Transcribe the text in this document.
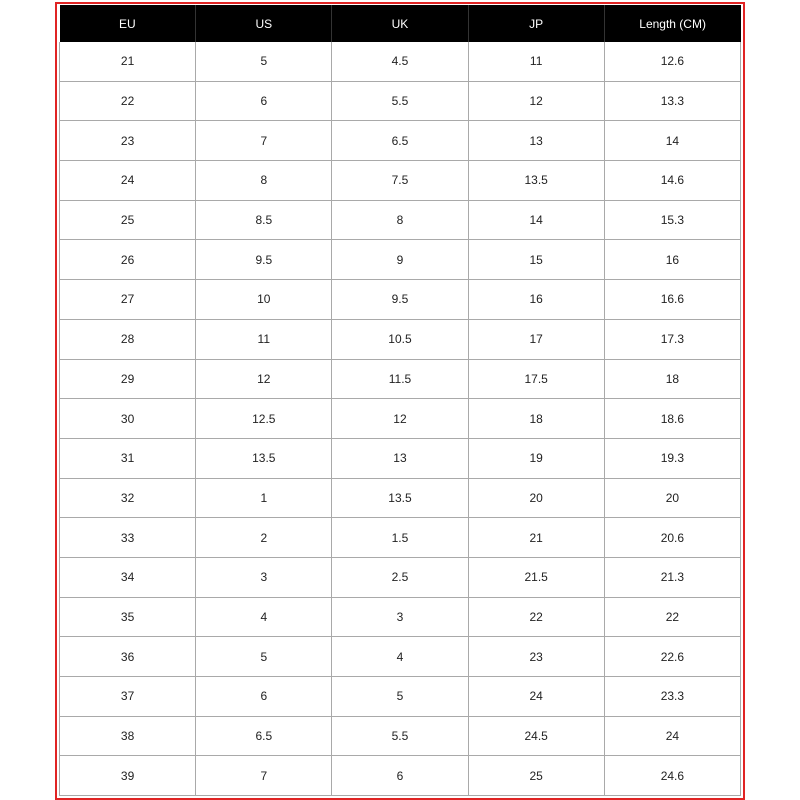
EU	US	UK	JP	Length (CM)
21	5	4.5	11	12.6
22	6	5.5	12	13.3
23	7	6.5	13	14
24	8	7.5	13.5	14.6
25	8.5	8	14	15.3
26	9.5	9	15	16
27	10	9.5	16	16.6
28	11	10.5	17	17.3
29	12	11.5	17.5	18
30	12.5	12	18	18.6
31	13.5	13	19	19.3
32	1	13.5	20	20
33	2	1.5	21	20.6
34	3	2.5	21.5	21.3
35	4	3	22	22
36	5	4	23	22.6
37	6	5	24	23.3
38	6.5	5.5	24.5	24
39	7	6	25	24.6
